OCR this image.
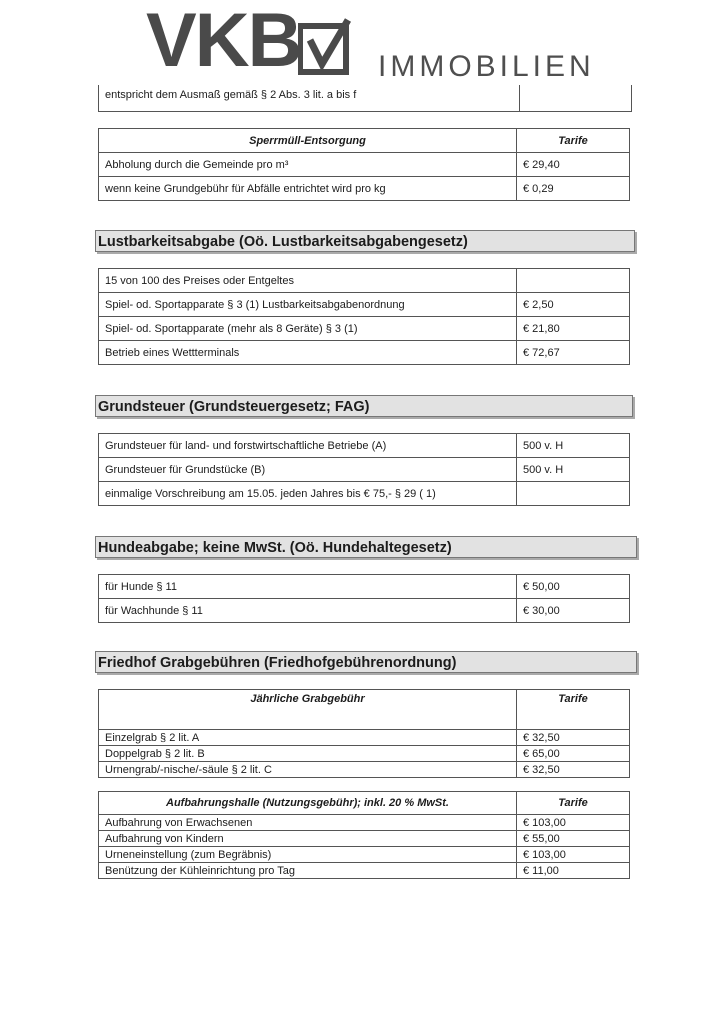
VKB	IMMOBILIEN
entspricht dem Ausmaß gemäß § 2 Abs. 3 lit. a bis f
Sperrmüll-Entsorgung	Tarife
Abholung durch die Gemeinde pro m³	€ 29,40
wenn keine Grundgebühr für Abfälle entrichtet wird pro kg	€ 0,29
Lustbarkeitsabgabe (Oö. Lustbarkeitsabgabengesetz)
15 von 100 des Preises oder Entgeltes	
Spiel- od. Sportapparate § 3 (1) Lustbarkeitsabgabenordnung	€ 2,50
Spiel- od. Sportapparate (mehr als 8 Geräte) § 3 (1)	€ 21,80
Betrieb eines Wettterminals	€ 72,67
Grundsteuer (Grundsteuergesetz; FAG)
Grundsteuer für land- und forstwirtschaftliche Betriebe (A)	500 v. H
Grundsteuer für Grundstücke (B)	500 v. H
einmalige Vorschreibung am 15.05. jeden Jahres bis € 75,- § 29 ( 1)	
Hundeabgabe; keine MwSt. (Oö. Hundehaltegesetz)
für Hunde § 11	€ 50,00
für Wachhunde § 11	€ 30,00
Friedhof Grabgebühren (Friedhofgebührenordnung)
Jährliche Grabgebühr	Tarife
Einzelgrab § 2 lit. A	€ 32,50
Doppelgrab § 2 lit. B	€ 65,00
Urnengrab/-nische/-säule § 2 lit. C	€ 32,50
Aufbahrungshalle (Nutzungsgebühr); inkl. 20 % MwSt.	Tarife
Aufbahrung von Erwachsenen	€ 103,00
Aufbahrung von Kindern	€ 55,00
Urneneinstellung (zum Begräbnis)	€ 103,00
Benützung der Kühleinrichtung pro Tag	€ 11,00
